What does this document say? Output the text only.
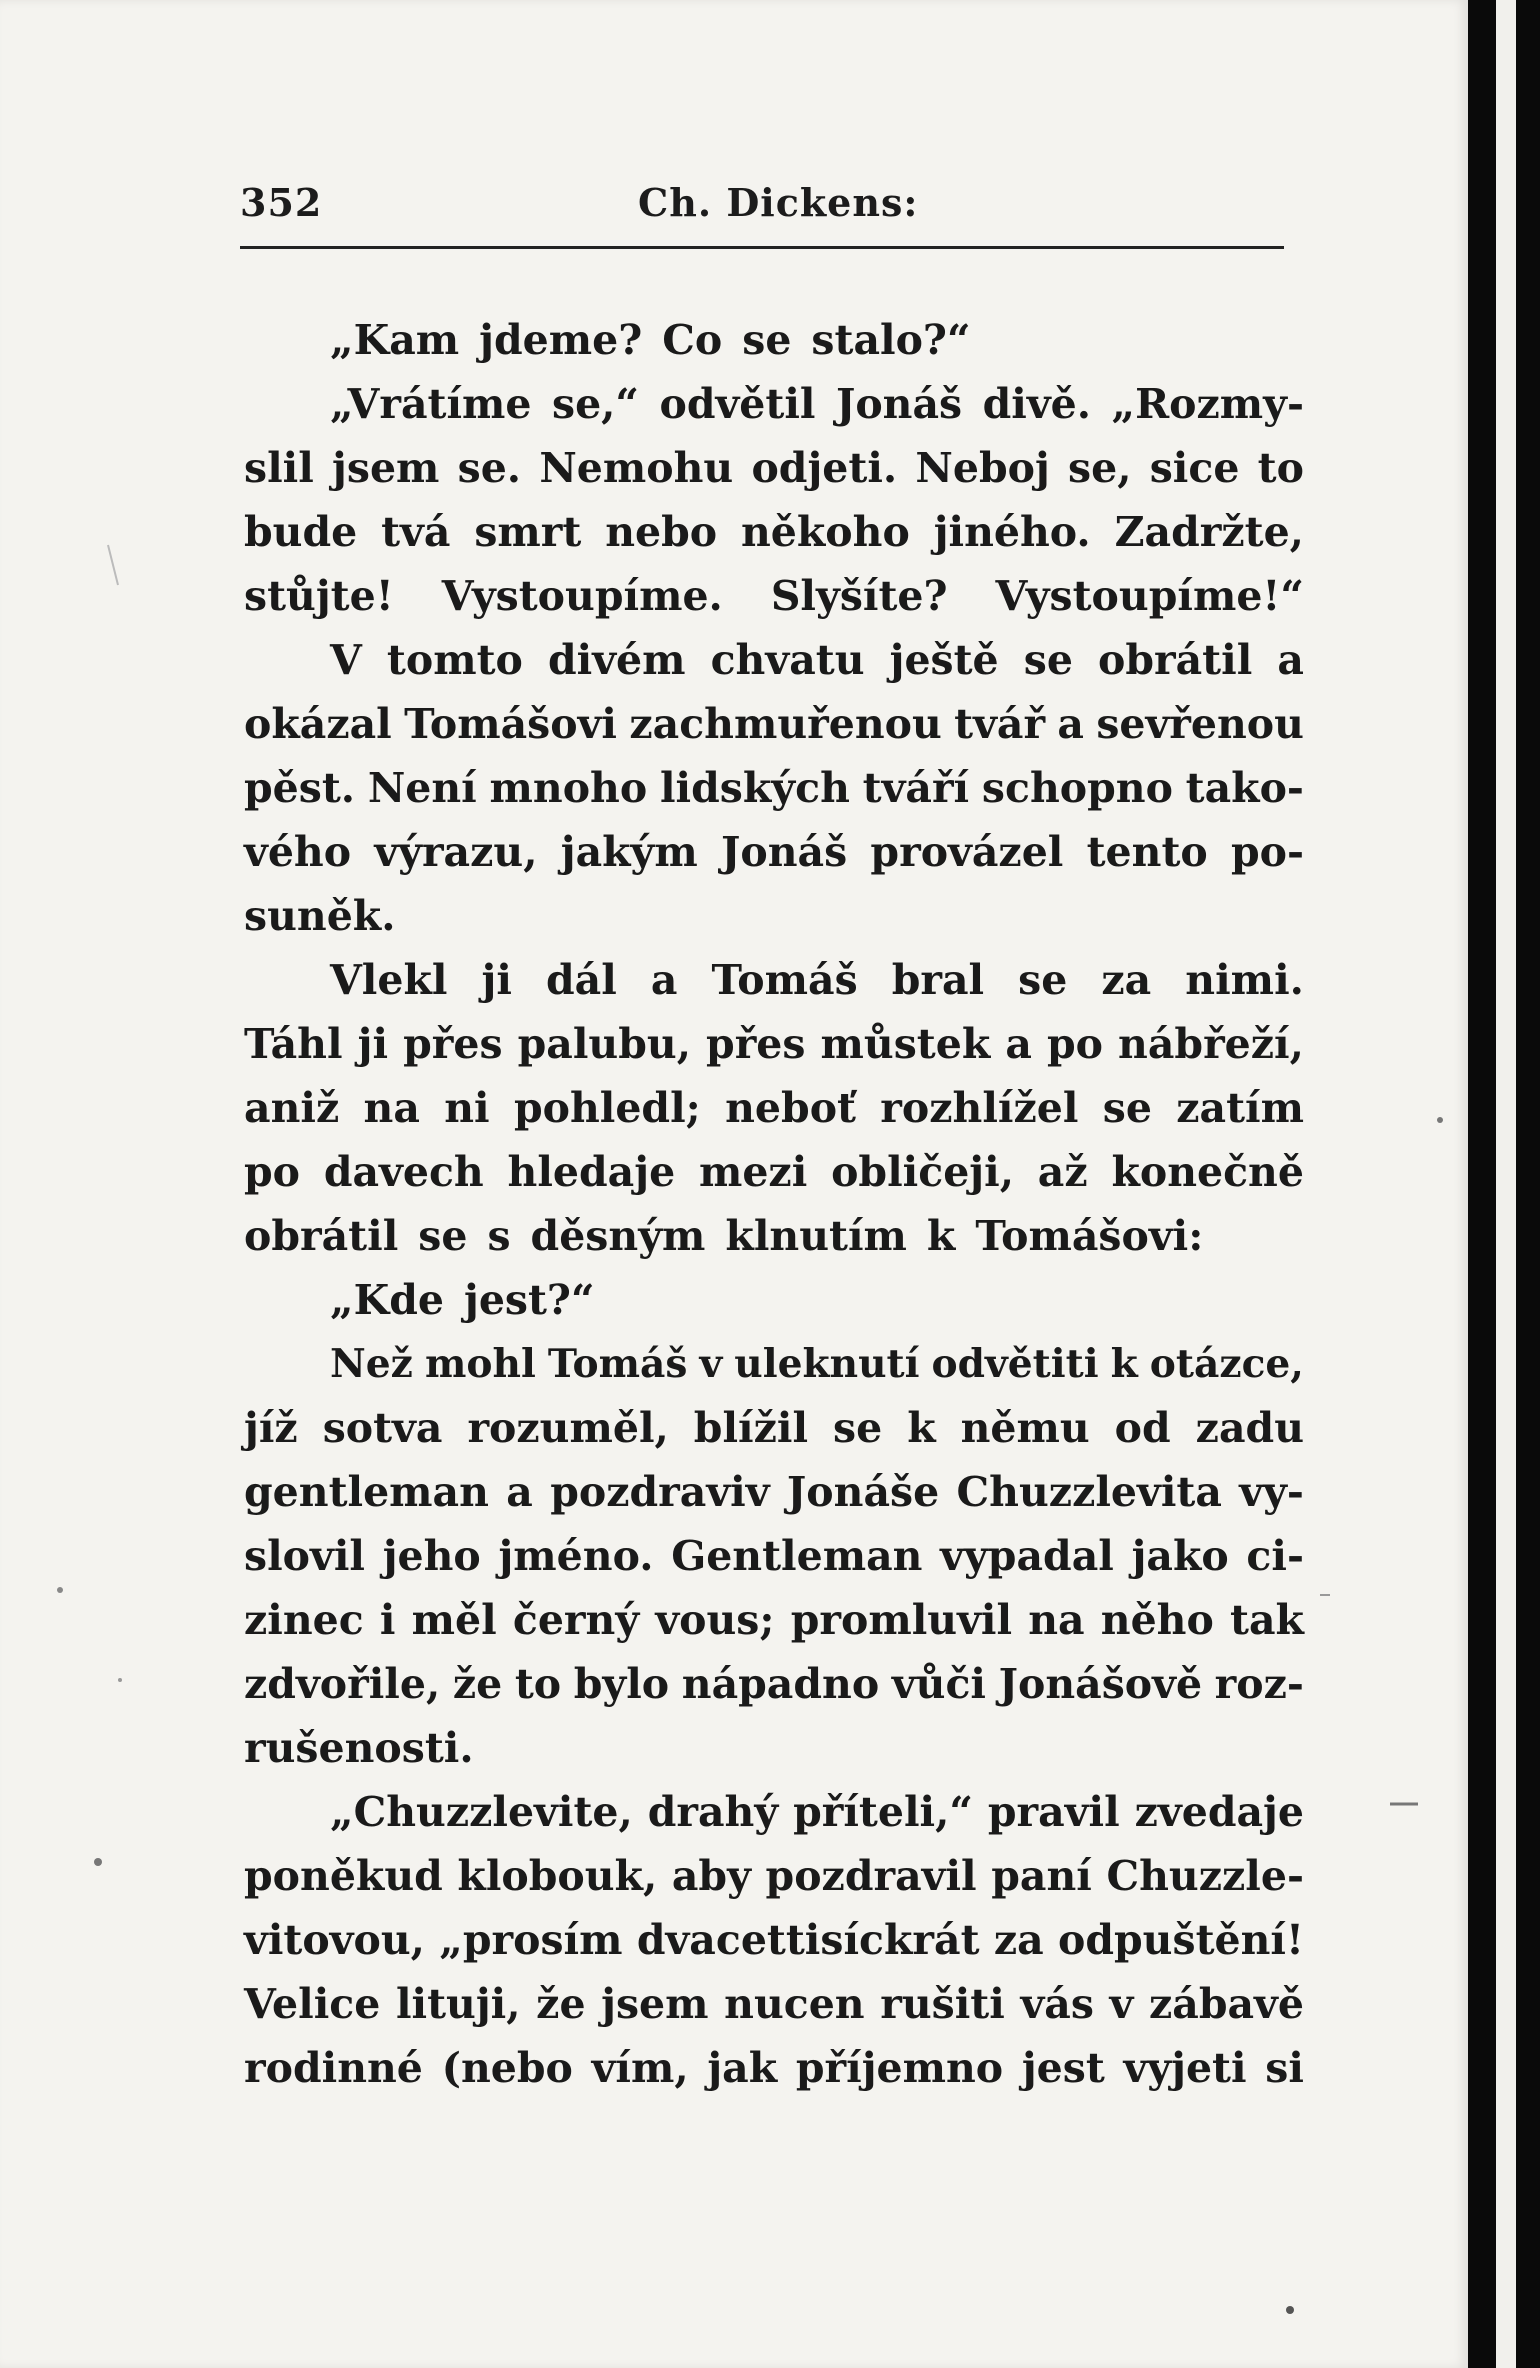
352	Ch. Dickens:
„Kam jdeme? Co se stalo?“
„Vrátíme se,“ odvětil Jonáš divě. „Rozmy-
slil jsem se. Nemohu odjeti. Neboj se, sice to
bude tvá smrt nebo někoho jiného. Zadržte,
stůjte! Vystoupíme. Slyšíte? Vystoupíme!“
V tomto divém chvatu ještě se obrátil a
okázal Tomášovi zachmuřenou tvář a sevřenou
pěst. Není mnoho lidských tváří schopno tako-
vého výrazu, jakým Jonáš provázel tento po-
suněk.
Vlekl ji dál a Tomáš bral se za nimi.
Táhl ji přes palubu, přes můstek a po nábřeží,
aniž na ni pohledl; neboť rozhlížel se zatím
po davech hledaje mezi obličeji, až konečně
obrátil se s děsným klnutím k Tomášovi:
„Kde jest?“
Než mohl Tomáš v uleknutí odvětiti k otázce,
jíž sotva rozuměl, blížil se k němu od zadu
gentleman a pozdraviv Jonáše Chuzzlevita vy-
slovil jeho jméno. Gentleman vypadal jako ci-
zinec i měl černý vous; promluvil na něho tak
zdvořile, že to bylo nápadno vůči Jonášově roz-
rušenosti.
„Chuzzlevite, drahý příteli,“ pravil zvedaje
poněkud klobouk, aby pozdravil paní Chuzzle-
vitovou, „prosím dvacettisíckrát za odpuštění!
Velice lituji, že jsem nucen rušiti vás v zábavě
rodinné (nebo vím, jak příjemno jest vyjeti si
